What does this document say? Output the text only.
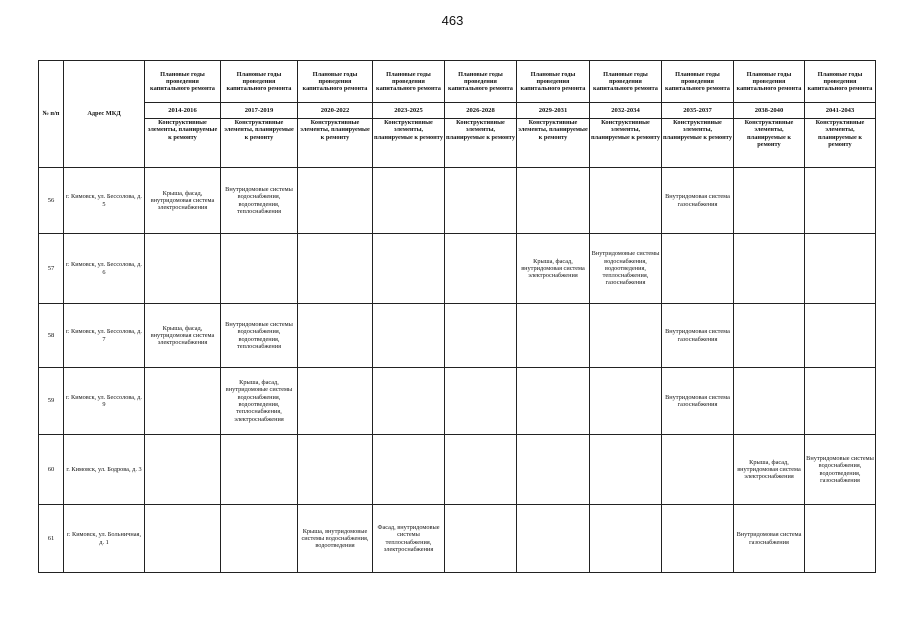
463
№ п/п	Адрес МКД	Плановые годы проведения капитального ремонта	Плановые годы проведения капитального ремонта	Плановые годы проведения капитального ремонта	Плановые годы проведения капитального ремонта	Плановые годы проведения капитального ремонта	Плановые годы проведения капитального ремонта	Плановые годы проведения капитального ремонта	Плановые годы проведения капитального ремонта	Плановые годы проведения капитального ремонта	Плановые годы проведения капитального ремонта
		2014-2016	2017-2019	2020-2022	2023-2025	2026-2028	2029-2031	2032-2034	2035-2037	2038-2040	2041-2043
		Конструктивные элементы, планируемые к ремонту	Конструктивные элементы, планируемые к ремонту	Конструктивные элементы, планируемые к ремонту	Конструктивные элементы, планируемые к ремонту	Конструктивные элементы, планируемые к ремонту	Конструктивные элементы, планируемые к ремонту	Конструктивные элементы, планируемые к ремонту	Конструктивные элементы, планируемые к ремонту	Конструктивные элементы, планируемые к ремонту	Конструктивные элементы, планируемые к ремонту
56	г. Кимовск, ул. Бессолова, д. 5	Крыша, фасад, внутридомовая система электроснабжения	Внутридомовые системы водоснабжения, водоотведения, теплоснабжения						Внутридомовая система газоснабжения		
57	г. Кимовск, ул. Бессолова, д. 6						Крыша, фасад, внутридомовая система электроснабжения	Внутридомовые системы водоснабжения, водоотведения, теплоснабжения, газоснабжения			
58	г. Кимовск, ул. Бессолова, д. 7	Крыша, фасад, внутридомовая система электроснабжения	Внутридомовые системы водоснабжения, водоотведения, теплоснабжения						Внутридомовая система газоснабжения		
59	г. Кимовск, ул. Бессолова, д. 9		Крыша, фасад, внутридомовые системы водоснабжения, водоотведения, теплоснабжения, электроснабжения						Внутридомовая система газоснабжения		
60	г. Кимовск, ул. Бодрова, д. 3									Крыша, фасад, внутридомовая система электроснабжения	Внутридомовые системы водоснабжения, водоотведения, газоснабжения
61	г. Кимовск, ул. Больничная, д. 1			Крыша, внутридомовые системы водоснабжения, водоотведения	Фасад, внутридомовые системы теплоснабжения, электроснабжения					Внутридомовая система газоснабжения	
